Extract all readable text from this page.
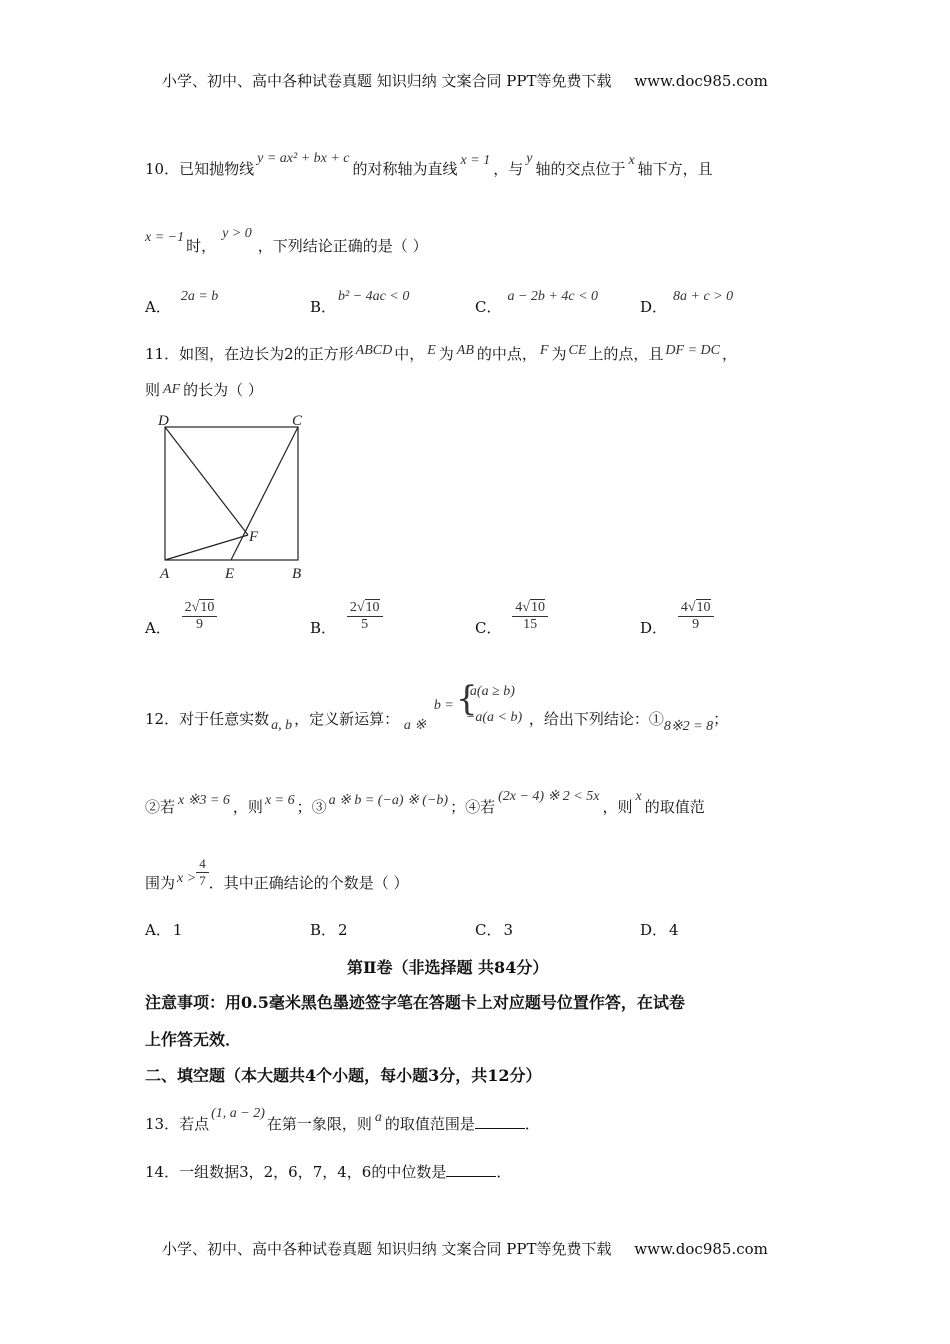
小学、初中、高中各种试卷真题 知识归纳 文案合同 PPT等免费下载 www.doc985.com
10．已知抛物线y = ax² + bx + c的对称轴为直线 x = 1 ，与y轴的交点位于 x 轴下方，且
x = −1 时，y > 0，下列结论正确的是（ ）
A．2a = b
B．b² − 4ac < 0
C．a − 2b + 4c < 0
D．8a + c > 0
11．如图，在边长为2的正方形 ABCD 中， E 为 AB 的中点， F 为 CE 上的点，且 DF = DC ，
则 AF 的长为（ ）
D	C
A	E	B
F
A． $\frac{2√10}{9}$	B． $\frac{2√10}{5}$	C． $\frac{4√10}{15}$	D． $\frac{4√10}{9}$
12．对于任意实数 a, b ，定义新运算： a ※
b = {
a(a ≥ b)
−a(a < b) ，给出下列结论：①8※2 = 8；
②若 x ※3 = 6 ，则 x = 6 ；③ a ※ b = (−a) ※ (−b) ；④若(2x − 4) ※ 2 < 5x，则x的取值范
围为 $x > \frac{4}{7}$ ．其中正确结论的个数是（ ）
A． 1	B． 2	C． 3	D． 4
第Ⅱ卷（非选择题 共84分）
注意事项：用0.5毫米黑色墨迹签字笔在答题卡上对应题号位置作答，在试卷
上作答无效．
二、填空题（本大题共4个小题，每小题3分，共12分）
13．若点(1, a − 2)在第一象限，则 a 的取值范围是	．
14．一组数据3，2，6，7，4，6的中位数是	．
小学、初中、高中各种试卷真题 知识归纳 文案合同 PPT等免费下载 www.doc985.com
